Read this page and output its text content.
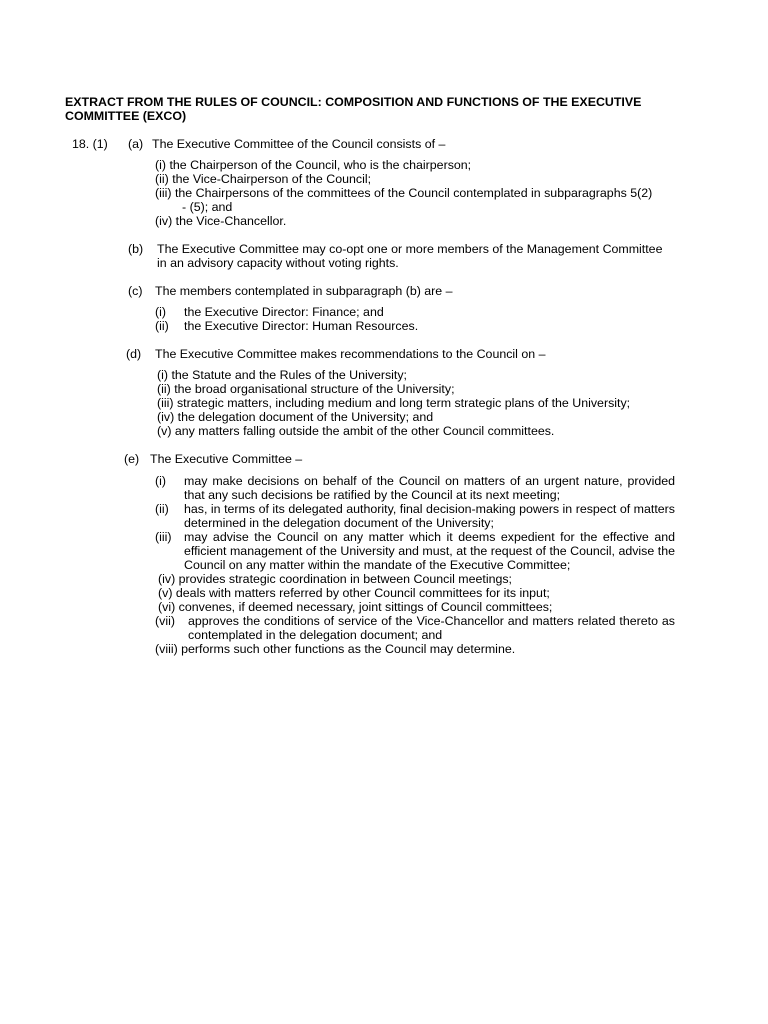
EXTRACT FROM THE RULES OF COUNCIL: COMPOSITION AND FUNCTIONS OF THE EXECUTIVE COMMITTEE (EXCO)
18. (1) (a) The Executive Committee of the Council consists of –
(i) the Chairperson of the Council, who is the chairperson;
(ii) the Vice-Chairperson of the Council;
(iii) the Chairpersons of the committees of the Council contemplated in subparagraphs 5(2)
- (5); and
(iv) the Vice-Chancellor.
(b) The Executive Committee may co-opt one or more members of the Management Committee
in an advisory capacity without voting rights.
(c) The members contemplated in subparagraph (b) are –
(i) the Executive Director: Finance; and
(ii) the Executive Director: Human Resources.
(d) The Executive Committee makes recommendations to the Council on –
(i) the Statute and the Rules of the University;
(ii) the broad organisational structure of the University;
(iii) strategic matters, including medium and long term strategic plans of the University;
(iv) the delegation document of the University; and
(v) any matters falling outside the ambit of the other Council committees.
(e) The Executive Committee –
(i) may make decisions on behalf of the Council on matters of an urgent nature, provided that any such decisions be ratified by the Council at its next meeting;
(ii) has, in terms of its delegated authority, final decision-making powers in respect of matters determined in the delegation document of the University;
(iii) may advise the Council on any matter which it deems expedient for the effective and efficient management of the University and must, at the request of the Council, advise the Council on any matter within the mandate of the Executive Committee;
(iv) provides strategic coordination in between Council meetings;
(v) deals with matters referred by other Council committees for its input;
(vi) convenes, if deemed necessary, joint sittings of Council committees;
(vii) approves the conditions of service of the Vice-Chancellor and matters related thereto as contemplated in the delegation document; and
(viii) performs such other functions as the Council may determine.
